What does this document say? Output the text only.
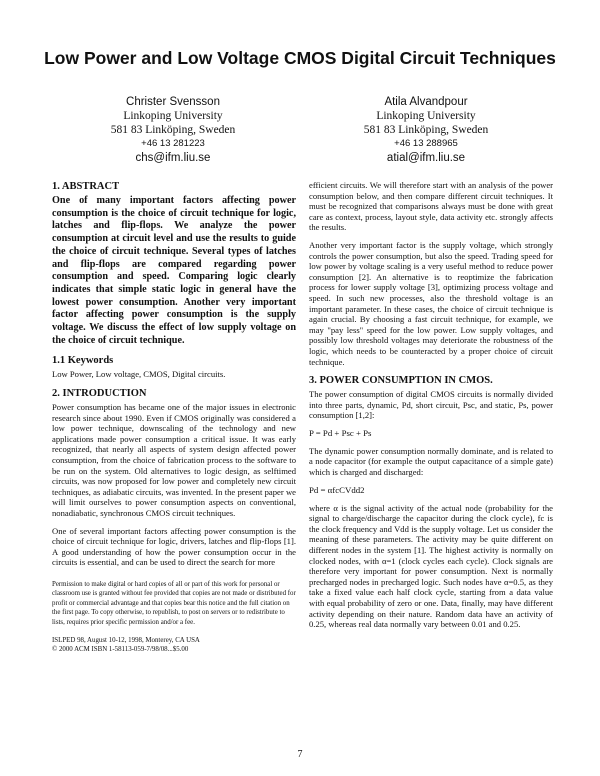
Low Power and Low Voltage CMOS Digital Circuit Techniques
Christer Svensson
Linkoping University
581 83 Linköping, Sweden
+46 13 281223
chs@ifm.liu.se
Atila Alvandpour
Linkoping University
581 83 Linköping, Sweden
+46 13 288965
atial@ifm.liu.se
1. ABSTRACT

One of many important factors affecting power consumption is the choice of circuit technique for logic, latches and flip-flops. We analyze the power consumption at circuit level and use the results to guide the choice of circuit technique. Several types of latches and flip-flops are compared regarding power consumption and speed. Comparing logic clearly indicates that simple static logic in general have the lowest power consumption. Another very important factor affecting power consumption is the supply voltage. We discuss the effect of low supply voltage on the choice of circuit technique.

1.1 Keywords

Low Power, Low voltage, CMOS, Digital circuits.

2. INTRODUCTION

Power consumption has became one of the major issues in electronic research since about 1990. Even if CMOS originally was considered a low power technique, downscaling of the technology and new applications made power consumption a critical issue. It was early recognized, that nearly all aspects of system design affected power consumption, from the choice of fabrication process to the software to be run on the system. Old alternatives to logic design, as selftimed circuits, was now proposed for low power and completely new circuit techniques, as adiabatic circuits, was invented. In the present paper we will limit ourselves to power consumption aspects on conventional, nonadiabatic, synchronous CMOS circuit techniques.

One of several important factors affecting power consumption is the choice of circuit technique for logic, drivers, latches and flip-flops [1]. A good understanding of how the power consumption occur in the circuits is essential, and can be used to direct the search for more

Permission to make digital or hard copies of all or part of this work for personal or classroom use is granted without fee provided that copies are not made or distributed for profit or commercial advantage and that copies bear this notice and the full citation on the first page. To copy otherwise, to republish, to post on servers or to redistribute to lists, requires prior specific permission and/or a fee.

ISLPED 98, August 10-12, 1998, Monterey, CA USA

© 2000 ACM ISBN 1-58113-059-7/98/08...$5.00

efficient circuits. We will therefore start with an analysis of the power consumption below, and then compare different circuit techniques. It must be recognized that comparisons always must be done with great care as context, process, layout style, data activity etc. strongly affects the results.

Another very important factor is the supply voltage, which strongly controls the power consumption, but also the speed. Trading speed for low power by voltage scaling is a very useful method to reduce power consumption [2]. An alternative is to reoptimize the fabrication process for lower supply voltage [3], optimizing process voltage and speed. In such new processes, also the threshold voltage is an important parameter. In these cases, the choice of circuit technique is again crucial. By choosing a fast circuit technique, for example, we may "pay less" speed for the low power. Low supply voltages, and possibly low threshold voltages may deteriorate the robustness of the logic, which needs to be counteracted by a proper choice of circuit technique.

3. POWER CONSUMPTION IN CMOS.

The power consumption of digital CMOS circuits is normally divided into three parts, dynamic, Pd, short circuit, Psc, and static, Ps, power consumption [1,2]:

P = Pd + Psc + Ps

The dynamic power consumption normally dominate, and is related to a node capacitor (for example the output capacitance of a simple gate) which is charged and discharged:

Pd = αfcCVdd2

where α is the signal activity of the actual node (probability for the signal to charge/discharge the capacitor during the clock cycle), fc is the clock frequency and Vdd is the supply voltage. Let us consider the meaning of these parameters. The activity may be quite different on different nodes in the system [1]. The highest activity is normally on clocked nodes, with α=1 (clock cycles each cycle). Clock signals are therefore very important for power consumption. Next is normally precharged nodes in precharged logic. Such nodes have α=0.5, as they take a fixed value each half clock cycle, starting from a data value with equal probability of zero or one. Data, finally, may have different activity depending on their nature. Random data have an activity of 0.25, whereas real data normally vary between 0.01 and 0.25.

7
